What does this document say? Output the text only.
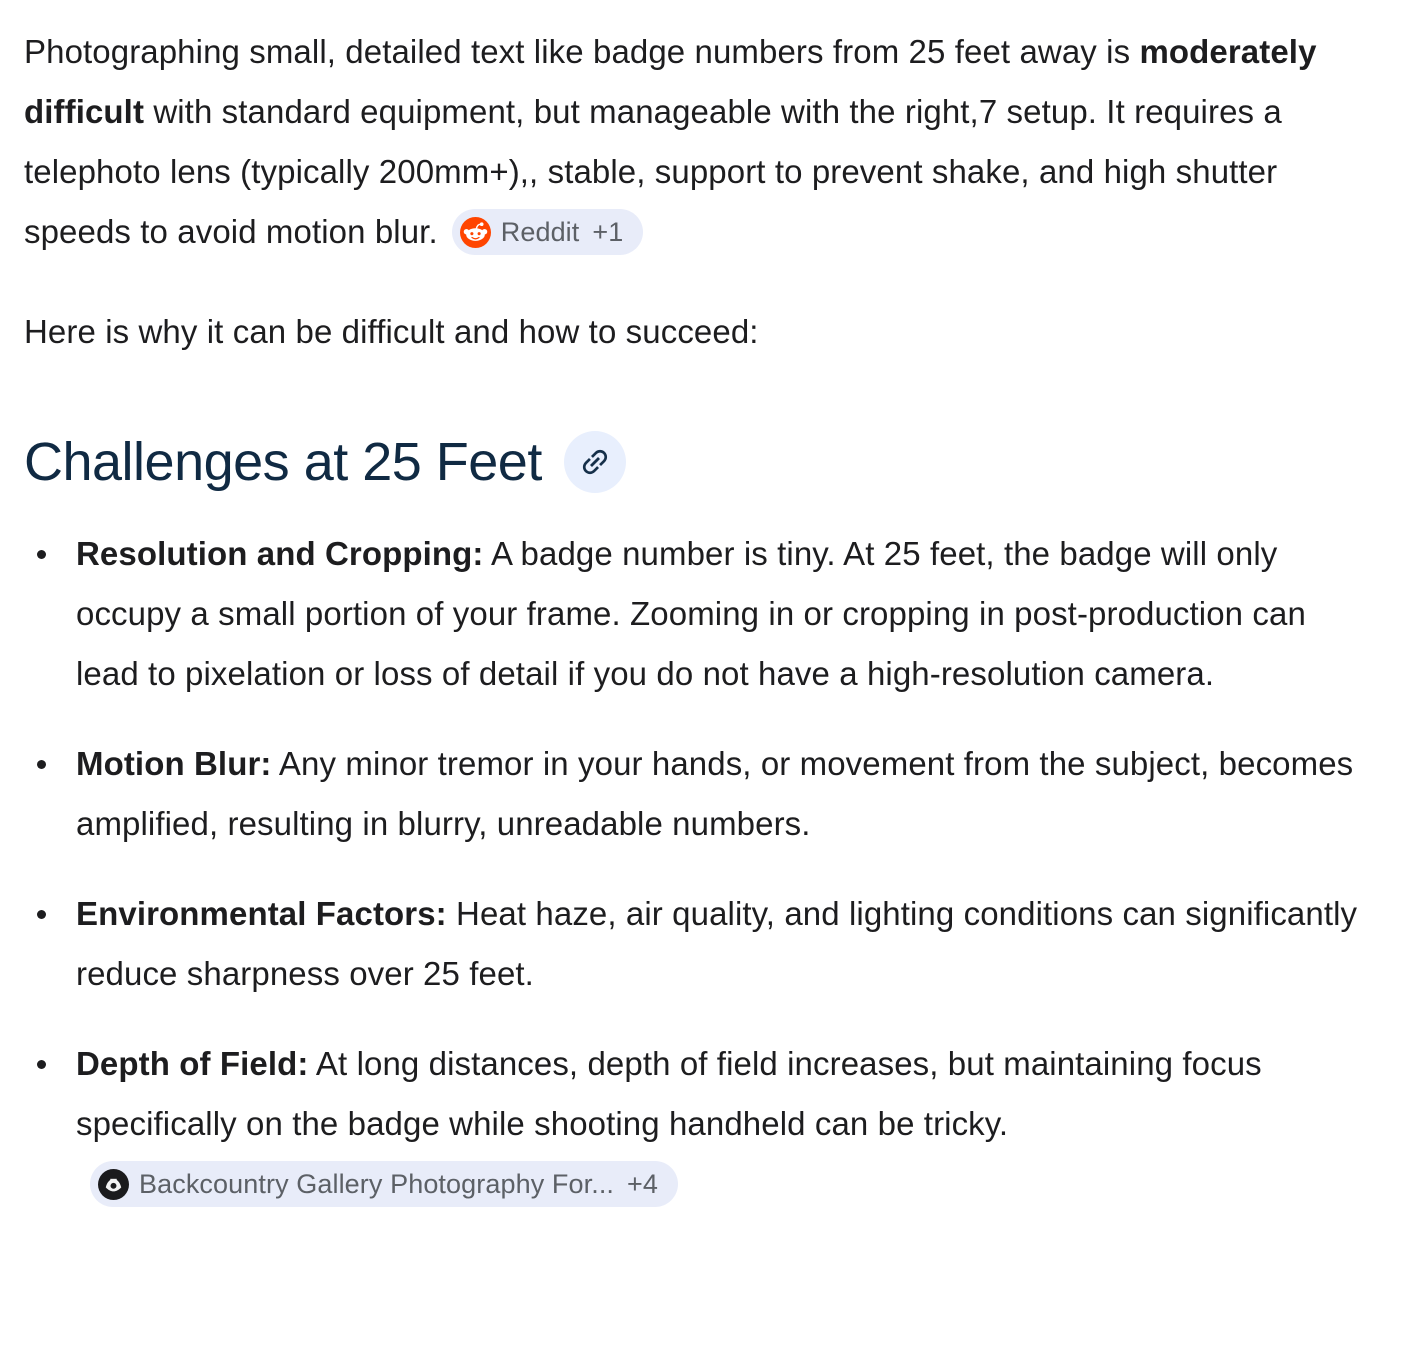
Photographing small, detailed text like badge numbers from 25 feet away is moderately difficult with standard equipment, but manageable with the right,7 setup. It requires a telephoto lens (typically 200mm+),, stable, support to prevent shake, and high shutter speeds to avoid motion blur. Reddit +1

Here is why it can be difficult and how to succeed:

Challenges at 25 Feet
Resolution and Cropping: A badge number is tiny. At 25 feet, the badge will only occupy a small portion of your frame. Zooming in or cropping in post-production can lead to pixelation or loss of detail if you do not have a high-resolution camera.
Motion Blur: Any minor tremor in your hands, or movement from the subject, becomes amplified, resulting in blurry, unreadable numbers.
Environmental Factors: Heat haze, air quality, and lighting conditions can significantly reduce sharpness over 25 feet.
Depth of Field: At long distances, depth of field increases, but maintaining focus specifically on the badge while shooting handheld can be tricky.
Backcountry Gallery Photography For... +4
